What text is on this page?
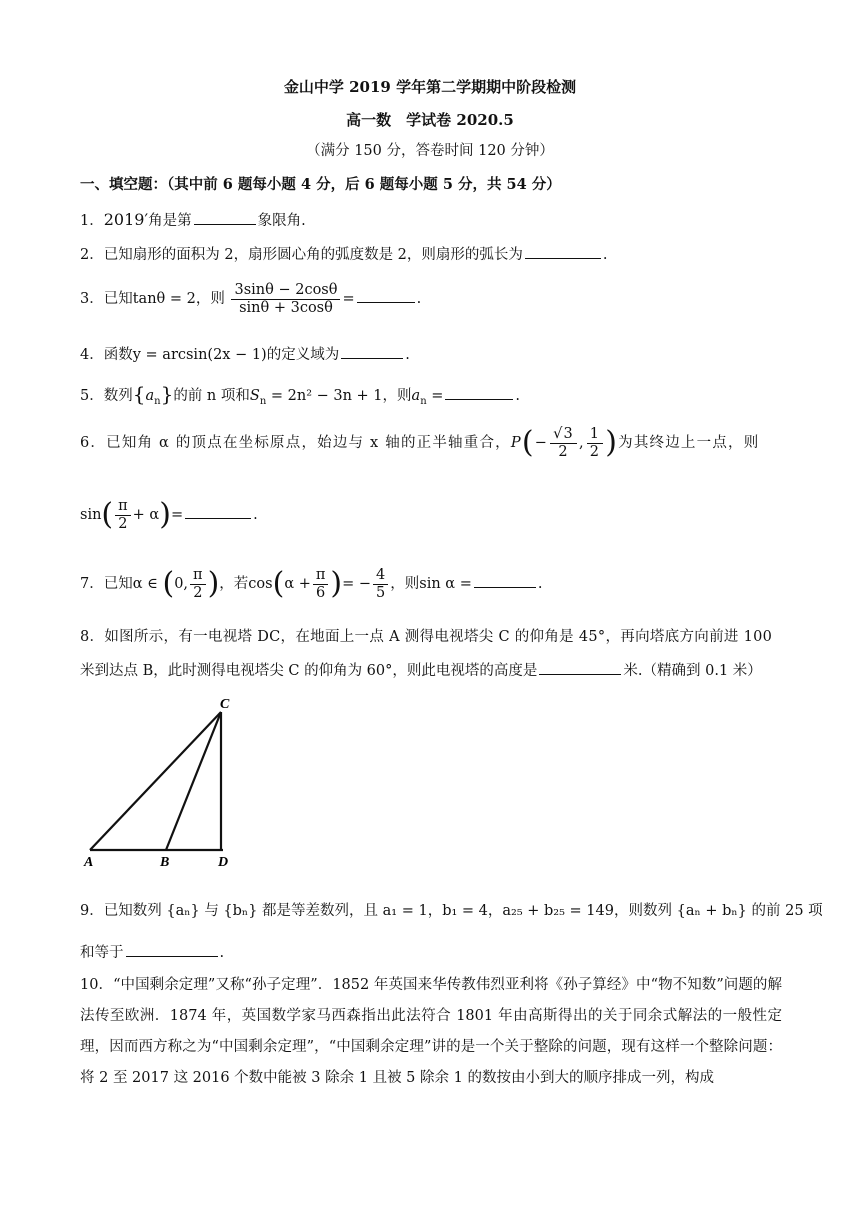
金山中学 2019 学年第二学期期中阶段检测
高一数　学试卷 2020.5
（满分 150 分，答卷时间 120 分钟）
一、填空题：（其中前 6 题每小题 4 分，后 6 题每小题 5 分，共 54 分）
1．2019′角是第	象限角.
2．已知扇形的面积为 2，扇形圆心角的弧度数是 2，则扇形的弧长为	.
3．已知tanθ = 2，则 $\frac{3\sin\theta - 2\cos\theta}{\sin\theta + 3\cos\theta}$ =	.
4．函数y = arcsin(2x − 1)的定义域为	.
5．数列$\{a_n\}$的前 n 项和$S_n = 2n^2 - 3n + 1$，则$a_n$ =	.
6．已知角 α 的顶点在坐标原点，始边与 x 轴的正半轴重合，$P(- \frac{√3}{2}$ , $\frac{1}{2}$ )为其终边上一点，则
$\sin( \frac{\pi}{2} + \alpha)=$	.
7．已知α ∈ (0, $\frac{\pi}{2}$ )，若$\cos(\alpha + \frac{\pi}{6}$ )= − $\frac{4}{5}$ ，则sin α =	.
8．如图所示，有一电视塔 DC，在地面上一点 A 测得电视塔尖 C 的仰角是 45°，再向塔底方向前进 100
米到达点 B，此时测得电视塔尖 C 的仰角为 60°，则此电视塔的高度是	米.（精确到 0.1 米）
C
A	B	D
9．已知数列 {aₙ} 与 {bₙ} 都是等差数列，且 a₁ = 1，b₁ = 4，a₂₅ + b₂₅ = 149，则数列 {aₙ + bₙ} 的前 25 项
和等于	.
10．“中国剩余定理”又称“孙子定理”．1852 年英国来华传教伟烈亚利将《孙子算经》中“物不知数”问题的解法传至欧洲．1874 年，英国数学家马西森指出此法符合 1801 年由高斯得出的关于同余式解法的一般性定理，因而西方称之为“中国剩余定理”，“中国剩余定理”讲的是一个关于整除的问题，现有这样一个整除问题：将 2 至 2017 这 2016 个数中能被 3 除余 1 且被 5 除余 1 的数按由小到大的顺序排成一列，构成
